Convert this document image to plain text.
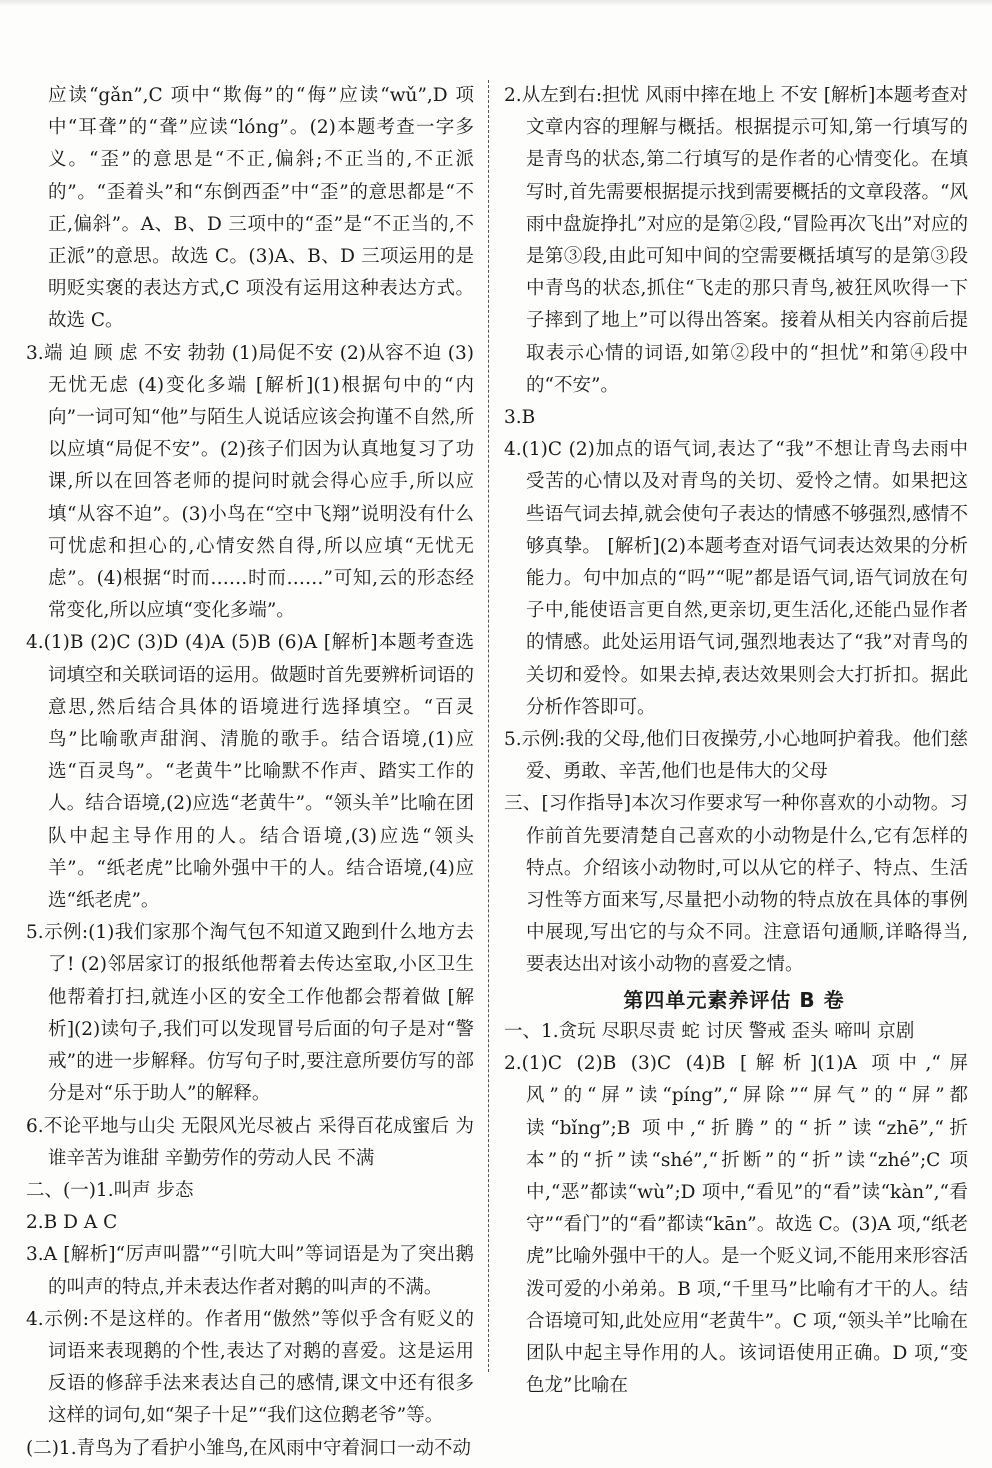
应读“gǎn”,C 项中“欺侮”的“侮”应读“wǔ”,D 项中“耳聋”的“聋”应读“lóng”。(2)本题考查一字多义。“歪”的意思是“不正,偏斜;不正当的,不正派的”。“歪着头”和“东倒西歪”中“歪”的意思都是“不正,偏斜”。A、B、D 三项中的“歪”是“不正当的,不正派”的意思。故选 C。(3)A、B、D 三项运用的是明贬实褒的表达方式,C 项没有运用这种表达方式。故选 C。

3.端 迫 顾 虑 不安 勃勃 (1)局促不安 (2)从容不迫 (3)无忧无虑 (4)变化多端 [解析](1)根据句中的“内向”一词可知“他”与陌生人说话应该会拘谨不自然,所以应填“局促不安”。(2)孩子们因为认真地复习了功课,所以在回答老师的提问时就会得心应手,所以应填“从容不迫”。(3)小鸟在“空中飞翔”说明没有什么可忧虑和担心的,心情安然自得,所以应填“无忧无虑”。(4)根据“时而……时而……”可知,云的形态经常变化,所以应填“变化多端”。

4.(1)B (2)C (3)D (4)A (5)B (6)A [解析]本题考查选词填空和关联词语的运用。做题时首先要辨析词语的意思,然后结合具体的语境进行选择填空。“百灵鸟”比喻歌声甜润、清脆的歌手。结合语境,(1)应选“百灵鸟”。“老黄牛”比喻默不作声、踏实工作的人。结合语境,(2)应选“老黄牛”。“领头羊”比喻在团队中起主导作用的人。结合语境,(3)应选“领头羊”。“纸老虎”比喻外强中干的人。结合语境,(4)应选“纸老虎”。

5.示例:(1)我们家那个淘气包不知道又跑到什么地方去了! (2)邻居家订的报纸他帮着去传达室取,小区卫生他帮着打扫,就连小区的安全工作他都会帮着做 [解析](2)读句子,我们可以发现冒号后面的句子是对“警戒”的进一步解释。仿写句子时,要注意所要仿写的部分是对“乐于助人”的解释。

6.不论平地与山尖 无限风光尽被占 采得百花成蜜后 为谁辛苦为谁甜 辛勤劳作的劳动人民 不满

二、(一)1.叫声 步态

2.B D A C

3.A [解析]“厉声叫嚣”“引吭大叫”等词语是为了突出鹅的叫声的特点,并未表达作者对鹅的叫声的不满。

4.示例:不是这样的。作者用“傲然”等似乎含有贬义的词语来表现鹅的个性,表达了对鹅的喜爱。这是运用反语的修辞手法来表达自己的感情,课文中还有很多这样的词句,如“架子十足”“我们这位鹅老爷”等。

(二)1.青鸟为了看护小雏鸟,在风雨中守着洞口一动不动

2.从左到右:担忧 风雨中摔在地上 不安 [解析]本题考查对文章内容的理解与概括。根据提示可知,第一行填写的是青鸟的状态,第二行填写的是作者的心情变化。在填写时,首先需要根据提示找到需要概括的文章段落。“风雨中盘旋挣扎”对应的是第②段,“冒险再次飞出”对应的是第③段,由此可知中间的空需要概括填写的是第③段中青鸟的状态,抓住“飞走的那只青鸟,被狂风吹得一下子摔到了地上”可以得出答案。接着从相关内容前后提取表示心情的词语,如第②段中的“担忧”和第④段中的“不安”。

3.B

4.(1)C (2)加点的语气词,表达了“我”不想让青鸟去雨中受苦的心情以及对青鸟的关切、爱怜之情。如果把这些语气词去掉,就会使句子表达的情感不够强烈,感情不够真挚。 [解析](2)本题考查对语气词表达效果的分析能力。句中加点的“吗”“呢”都是语气词,语气词放在句子中,能使语言更自然,更亲切,更生活化,还能凸显作者的情感。此处运用语气词,强烈地表达了“我”对青鸟的关切和爱怜。如果去掉,表达效果则会大打折扣。据此分析作答即可。

5.示例:我的父母,他们日夜操劳,小心地呵护着我。他们慈爱、勇敢、辛苦,他们也是伟大的父母

三、[习作指导]本次习作要求写一种你喜欢的小动物。习作前首先要清楚自己喜欢的小动物是什么,它有怎样的特点。介绍该小动物时,可以从它的样子、特点、生活习性等方面来写,尽量把小动物的特点放在具体的事例中展现,写出它的与众不同。注意语句通顺,详略得当,要表达出对该小动物的喜爱之情。

第四单元素养评估 B 卷

一、1.贪玩 尽职尽责 蛇 讨厌 警戒 歪头 啼叫 京剧

2.(1)C (2)B (3)C (4)B [解析](1)A 项中,“屏风”的“屏”读“píng”,“屏除”“屏气”的“屏”都读“bǐng”;B 项中,“折腾”的“折”读“zhē”,“折本”的“折”读“shé”,“折断”的“折”读“zhé”;C 项中,“恶”都读“wù”;D 项中,“看见”的“看”读“kàn”,“看守”“看门”的“看”都读“kān”。故选 C。(3)A 项,“纸老虎”比喻外强中干的人。是一个贬义词,不能用来形容活泼可爱的小弟弟。B 项,“千里马”比喻有才干的人。结合语境可知,此处应用“老黄牛”。C 项,“领头羊”比喻在团队中起主导作用的人。该词语使用正确。D 项,“变色龙”比喻在
